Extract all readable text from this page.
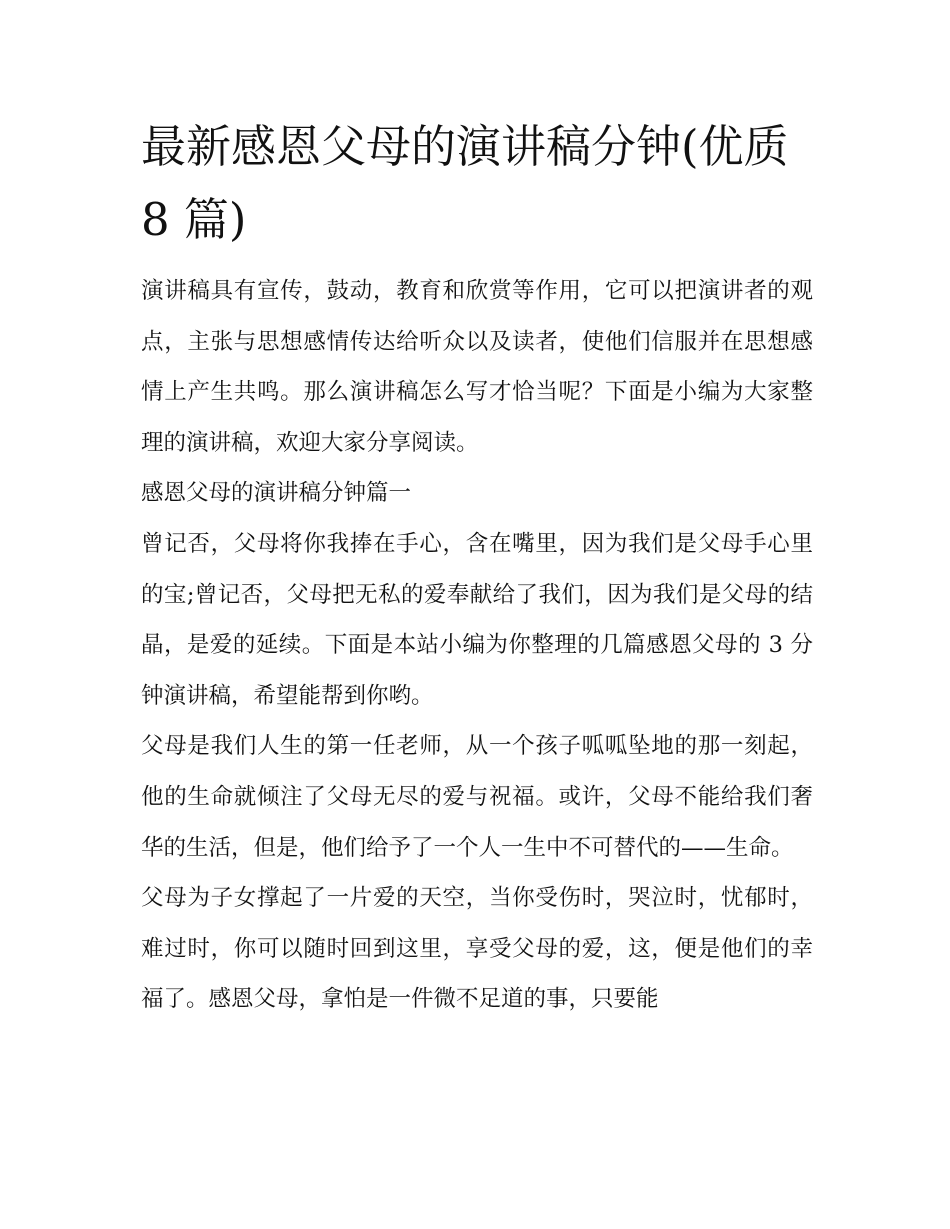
最新感恩父母的演讲稿分钟(优质 8 篇)

演讲稿具有宣传，鼓动，教育和欣赏等作用，它可以把演讲者的观点，主张与思想感情传达给听众以及读者，使他们信服并在思想感情上产生共鸣。那么演讲稿怎么写才恰当呢？下面是小编为大家整理的演讲稿，欢迎大家分享阅读。

感恩父母的演讲稿分钟篇一

曾记否，父母将你我捧在手心，含在嘴里，因为我们是父母手心里的宝;曾记否，父母把无私的爱奉献给了我们，因为我们是父母的结晶，是爱的延续。下面是本站小编为你整理的几篇感恩父母的 3 分钟演讲稿，希望能帮到你哟。

父母是我们人生的第一任老师，从一个孩子呱呱坠地的那一刻起，他的生命就倾注了父母无尽的爱与祝福。或许，父母不能给我们奢华的生活，但是，他们给予了一个人一生中不可替代的——生命。

父母为子女撑起了一片爱的天空，当你受伤时，哭泣时，忧郁时，难过时，你可以随时回到这里，享受父母的爱，这，便是他们的幸福了。感恩父母，拿怕是一件微不足道的事，只要能
